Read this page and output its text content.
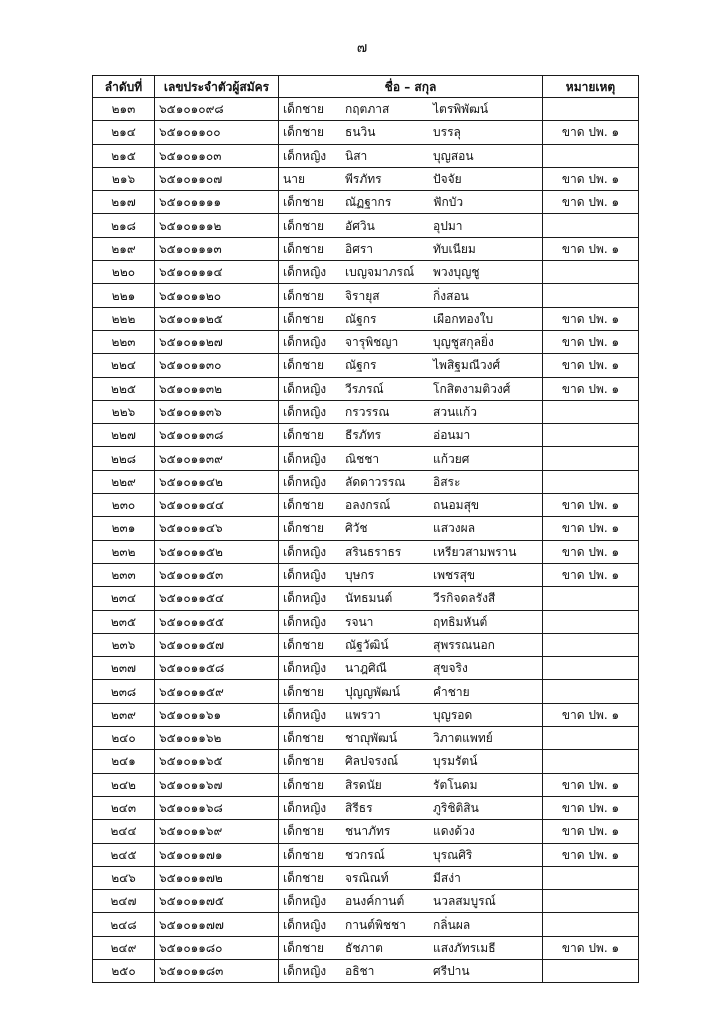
๗
ลำดับที่	เลขประจำตัวผู้สมัคร	ชื่อ – สกุล	หมายเหตุ
๒๑๓	๖๕๑๐๑๐๙๘	เด็กชาย กฤตภาส ไตรพิพัฒน์	
๒๑๔	๖๕๑๐๑๑๐๐	เด็กชาย ธนวิน บรรลุ	ขาด ปพ. ๑
๒๑๕	๖๕๑๐๑๑๐๓	เด็กหญิง นิสา บุญสอน	
๒๑๖	๖๕๑๐๑๑๐๗	นาย พีรภัทร ปัจจัย	ขาด ปพ. ๑
๒๑๗	๖๕๑๐๑๑๑๑	เด็กชาย ณัฏฐากร ฟักบัว	ขาด ปพ. ๑
๒๑๘	๖๕๑๐๑๑๑๒	เด็กชาย อัศวิน อุปมา	
๒๑๙	๖๕๑๐๑๑๑๓	เด็กชาย อิศรา ทับเนียม	ขาด ปพ. ๑
๒๒๐	๖๕๑๐๑๑๑๔	เด็กหญิง เบญจมาภรณ์ พวงบุญชู	
๒๒๑	๖๕๑๐๑๑๒๐	เด็กชาย จิรายุส กิ่งสอน	
๒๒๒	๖๕๑๐๑๑๒๕	เด็กชาย ณัฐกร เผือกทองใบ	ขาด ปพ. ๑
๒๒๓	๖๕๑๐๑๑๒๗	เด็กหญิง จารุพิชญา บุญชูสกุลยิ่ง	ขาด ปพ. ๑
๒๒๔	๖๕๑๐๑๑๓๐	เด็กชาย ณัฐกร ไพสิฐมณีวงศ์	ขาด ปพ. ๑
๒๒๕	๖๕๑๐๑๑๓๒	เด็กหญิง วีรภรณ์ โกสิตงามติวงศ์	ขาด ปพ. ๑
๒๒๖	๖๕๑๐๑๑๓๖	เด็กหญิง กรวรรณ สวนแก้ว	
๒๒๗	๖๕๑๐๑๑๓๘	เด็กชาย ธีรภัทร อ่อนมา	
๒๒๘	๖๕๑๐๑๑๓๙	เด็กหญิง ณิชชา แก้วยศ	
๒๒๙	๖๕๑๐๑๑๔๒	เด็กหญิง ลัดดาวรรณ อิสระ	
๒๓๐	๖๕๑๐๑๑๔๔	เด็กชาย อลงกรณ์ ถนอมสุข	ขาด ปพ. ๑
๒๓๑	๖๕๑๐๑๑๔๖	เด็กชาย ศิวัช แสวงผล	ขาด ปพ. ๑
๒๓๒	๖๕๑๐๑๑๕๒	เด็กหญิง สรินธราธร เหรียวสามพราน	ขาด ปพ. ๑
๒๓๓	๖๕๑๐๑๑๕๓	เด็กหญิง บุษกร เพชรสุข	ขาด ปพ. ๑
๒๓๔	๖๕๑๐๑๑๕๔	เด็กหญิง นัทธมนต์ วีรกิจดลรังสี	
๒๓๕	๖๕๑๐๑๑๕๕	เด็กหญิง รจนา ฤทธิมหันต์	
๒๓๖	๖๕๑๐๑๑๕๗	เด็กชาย ณัฐวัฒิน์ สุพรรณนอก	
๒๓๗	๖๕๑๐๑๑๕๘	เด็กหญิง นาฎศิณี สุขจริง	
๒๓๘	๖๕๑๐๑๑๕๙	เด็กชาย ปุญญพัฒน์ คำชาย	
๒๓๙	๖๕๑๐๑๑๖๑	เด็กหญิง แพรวา บุญรอด	ขาด ปพ. ๑
๒๔๐	๖๕๑๐๑๑๖๒	เด็กชาย ชาญุพัฒน์ วิภาตแพทย์	
๒๔๑	๖๕๑๐๑๑๖๕	เด็กชาย ศิลปจรงณ์ บุรมรัตน์	
๒๔๒	๖๕๑๐๑๑๖๗	เด็กชาย สิรดนัย รัตโนดม	ขาด ปพ. ๑
๒๔๓	๖๕๑๐๑๑๖๘	เด็กหญิง สิรีธร ภูริชิติสิน	ขาด ปพ. ๑
๒๔๔	๖๕๑๐๑๑๖๙	เด็กชาย ชนาภัทร แดงด้วง	ขาด ปพ. ๑
๒๔๕	๖๕๑๐๑๑๗๑	เด็กชาย ชวกรณ์ บุรณศิริ	ขาด ปพ. ๑
๒๔๖	๖๕๑๐๑๑๗๒	เด็กชาย จรณิณท์ มีสง่า	
๒๔๗	๖๕๑๐๑๑๗๕	เด็กหญิง อนงค์กานต์ นวลสมบูรณ์	
๒๔๘	๖๕๑๐๑๑๗๗	เด็กหญิง กานต์พิชชา กลิ่นผล	
๒๔๙	๖๕๑๐๑๑๘๐	เด็กชาย ธัชภาต แสงภัทรเมธี	ขาด ปพ. ๑
๒๕๐	๖๕๑๐๑๑๘๓	เด็กหญิง อธิชา ศรีปาน	
